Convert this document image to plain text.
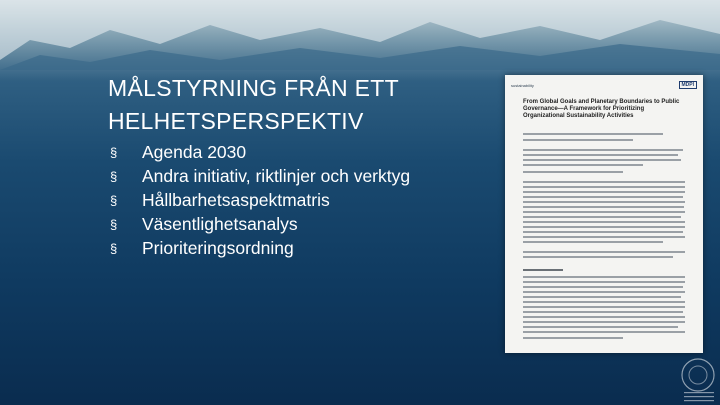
MÅLSTYRNING FRÅN ETT HELHETSPERSPEKTIV
§	Agenda 2030
§	Andra initiativ, riktlinjer och verktyg
§	Hållbarhetsaspektmatris
§	Väsentlighetsanalys
§	Prioriteringsordning
sustainability	MDPI
From Global Goals and Planetary Boundaries to Public Governance—A Framework for Prioritizing Organizational Sustainability Activities
